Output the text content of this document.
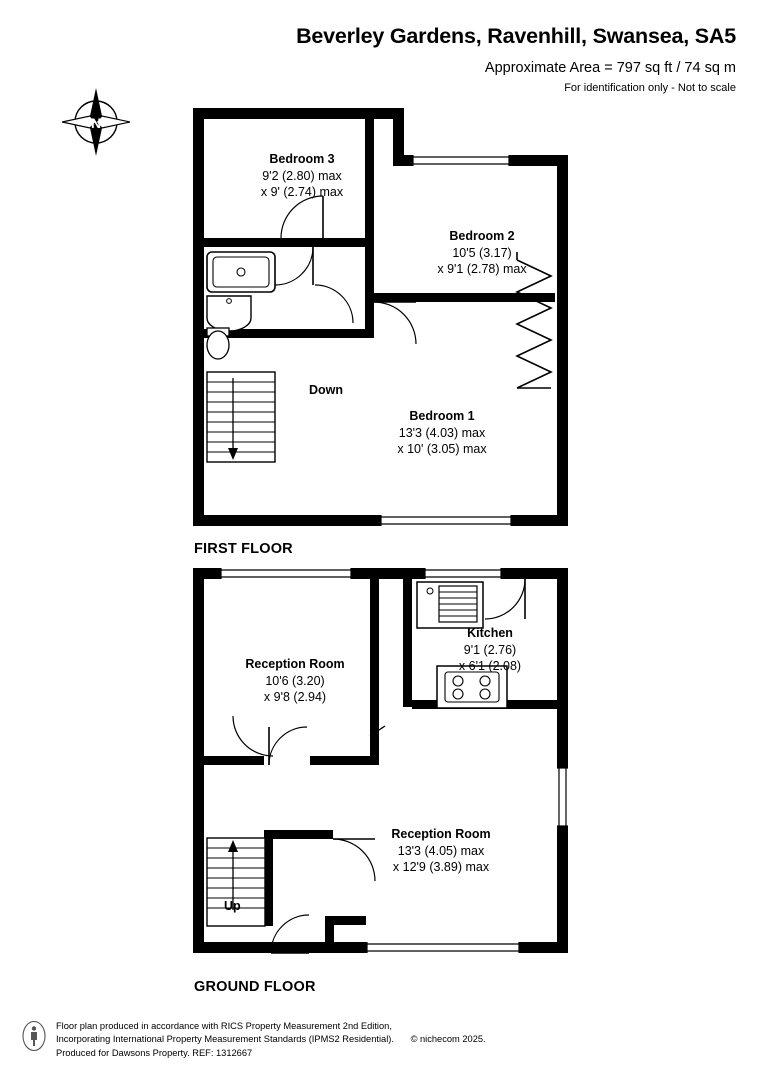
Beverley Gardens, Ravenhill, Swansea, SA5
Approximate Area = 797 sq ft / 74 sq m
For identification only - Not to scale
N
FIRST FLOOR
Bedroom 3
9'2 (2.80) max
x 9' (2.74) max
Bedroom 2
10'5 (3.17)
x 9'1 (2.78) max
Bedroom 1
13'3 (4.03) max
x 10' (3.05) max
Down
GROUND FLOOR
Reception Room
10'6 (3.20)
x 9'8 (2.94)
Kitchen
9'1 (2.76)
x 6'1 (2.08)
Reception Room
13'3 (4.05) max
x 12'9 (3.89) max
Up
Floor plan produced in accordance with RICS Property Measurement 2nd Edition,
Incorporating International Property Measurement Standards (IPMS2 Residential). © nichecom 2025.
Produced for Dawsons Property. REF: 1312667
